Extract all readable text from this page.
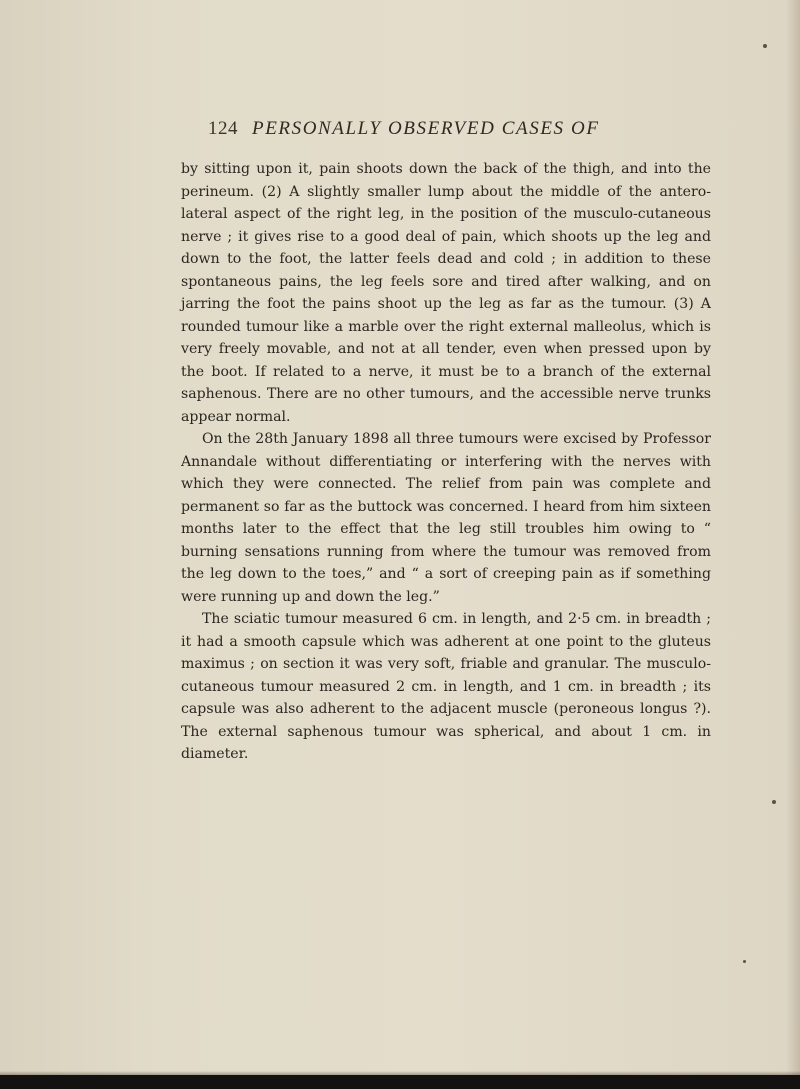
124 PERSONALLY OBSERVED CASES OF

by sitting upon it, pain shoots down the back of the thigh, and into the perineum. (2) A slightly smaller lump about the middle of the antero-lateral aspect of the right leg, in the position of the musculo-cutaneous nerve ; it gives rise to a good deal of pain, which shoots up the leg and down to the foot, the latter feels dead and cold ; in addition to these spontaneous pains, the leg feels sore and tired after walking, and on jarring the foot the pains shoot up the leg as far as the tumour. (3) A rounded tumour like a marble over the right external malleolus, which is very freely movable, and not at all tender, even when pressed upon by the boot. If related to a nerve, it must be to a branch of the external saphenous. There are no other tumours, and the accessible nerve trunks appear normal.

On the 28th January 1898 all three tumours were excised by Professor Annandale without differentiating or interfering with the nerves with which they were connected. The relief from pain was complete and permanent so far as the buttock was concerned. I heard from him sixteen months later to the effect that the leg still troubles him owing to “ burning sensations running from where the tumour was removed from the leg down to the toes,” and “ a sort of creeping pain as if something were running up and down the leg.”

The sciatic tumour measured 6 cm. in length, and 2·5 cm. in breadth ; it had a smooth capsule which was adherent at one point to the gluteus maximus ; on section it was very soft, friable and granular. The musculo-cutaneous tumour measured 2 cm. in length, and 1 cm. in breadth ; its capsule was also adherent to the adjacent muscle (peroneous longus ?). The external saphenous tumour was spherical, and about 1 cm. in diameter.
